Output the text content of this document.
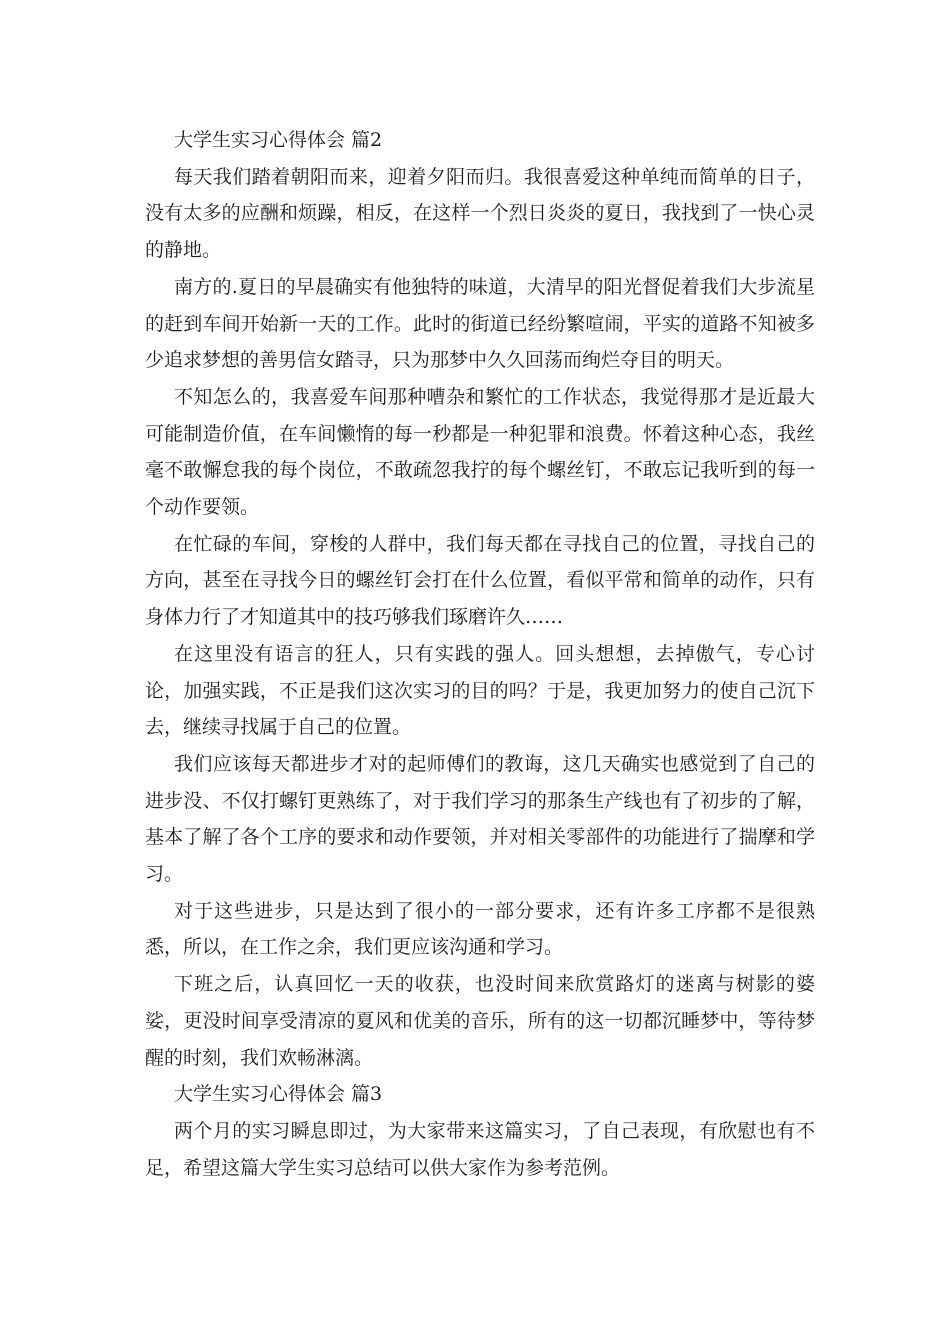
大学生实习心得体会 篇2

每天我们踏着朝阳而来，迎着夕阳而归。我很喜爱这种单纯而简单的日子，没有太多的应酬和烦躁，相反，在这样一个烈日炎炎的夏日，我找到了一快心灵的静地。

南方的.夏日的早晨确实有他独特的味道，大清早的阳光督促着我们大步流星的赶到车间开始新一天的工作。此时的街道已经纷繁喧闹，平实的道路不知被多少追求梦想的善男信女踏寻，只为那梦中久久回荡而绚烂夺目的明天。

不知怎么的，我喜爱车间那种嘈杂和繁忙的工作状态，我觉得那才是近最大可能制造价值，在车间懒惰的每一秒都是一种犯罪和浪费。怀着这种心态，我丝毫不敢懈怠我的每个岗位，不敢疏忽我拧的每个螺丝钉，不敢忘记我听到的每一个动作要领。

在忙碌的车间，穿梭的人群中，我们每天都在寻找自己的位置，寻找自己的方向，甚至在寻找今日的螺丝钉会打在什么位置，看似平常和简单的动作，只有身体力行了才知道其中的技巧够我们琢磨许久……

在这里没有语言的狂人，只有实践的强人。回头想想，去掉傲气，专心讨论，加强实践，不正是我们这次实习的目的吗？于是，我更加努力的使自己沉下去，继续寻找属于自己的位置。

我们应该每天都进步才对的起师傅们的教诲，这几天确实也感觉到了自己的进步没、不仅打螺钉更熟练了，对于我们学习的那条生产线也有了初步的了解，基本了解了各个工序的要求和动作要领，并对相关零部件的功能进行了揣摩和学习。

对于这些进步，只是达到了很小的一部分要求，还有许多工序都不是很熟悉，所以，在工作之余，我们更应该沟通和学习。

下班之后，认真回忆一天的收获，也没时间来欣赏路灯的迷离与树影的婆娑，更没时间享受清凉的夏风和优美的音乐，所有的这一切都沉睡梦中，等待梦醒的时刻，我们欢畅淋漓。

大学生实习心得体会 篇3

两个月的实习瞬息即过，为大家带来这篇实习，了自己表现，有欣慰也有不足，希望这篇大学生实习总结可以供大家作为参考范例。
